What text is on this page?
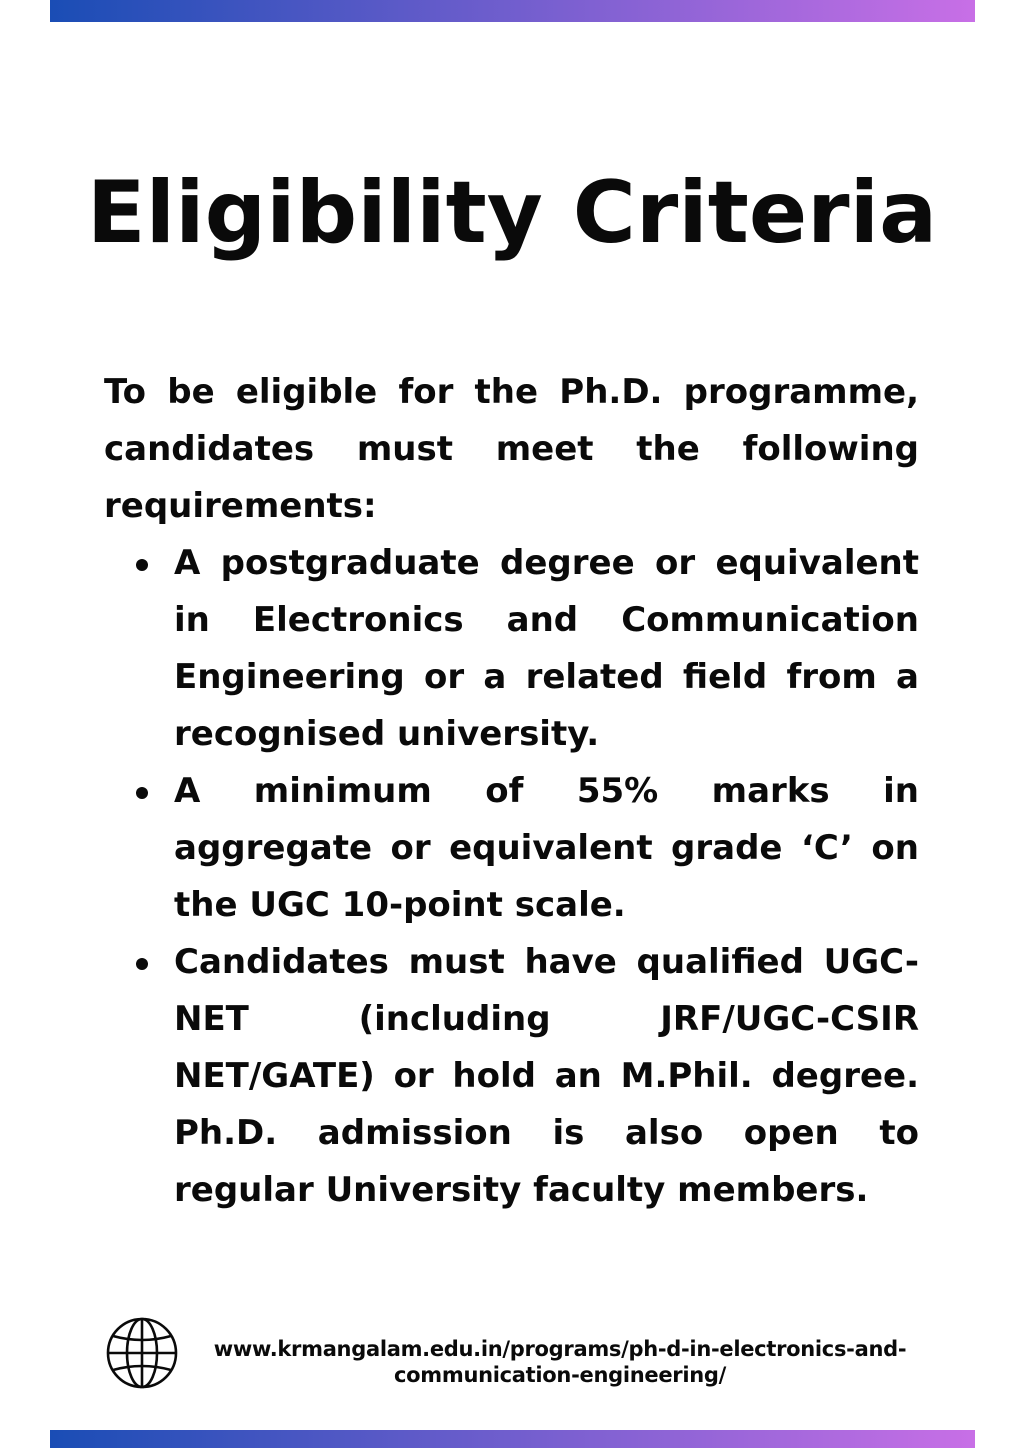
Eligibility Criteria

To be eligible for the Ph.D. programme, candidates must meet the following requirements:

A postgraduate degree or equivalent in Electronics and Communication Engineering or a related field from a recognised university.
A minimum of 55% marks in aggregate or equivalent grade ‘C’ on the UGC 10-point scale.
Candidates must have qualified UGC-NET (including JRF/UGC-CSIR NET/GATE) or hold an M.Phil. degree. Ph.D. admission is also open to regular University faculty members.
www.krmangalam.edu.in/programs/ph-d-in-electronics-and-
communication-engineering/
